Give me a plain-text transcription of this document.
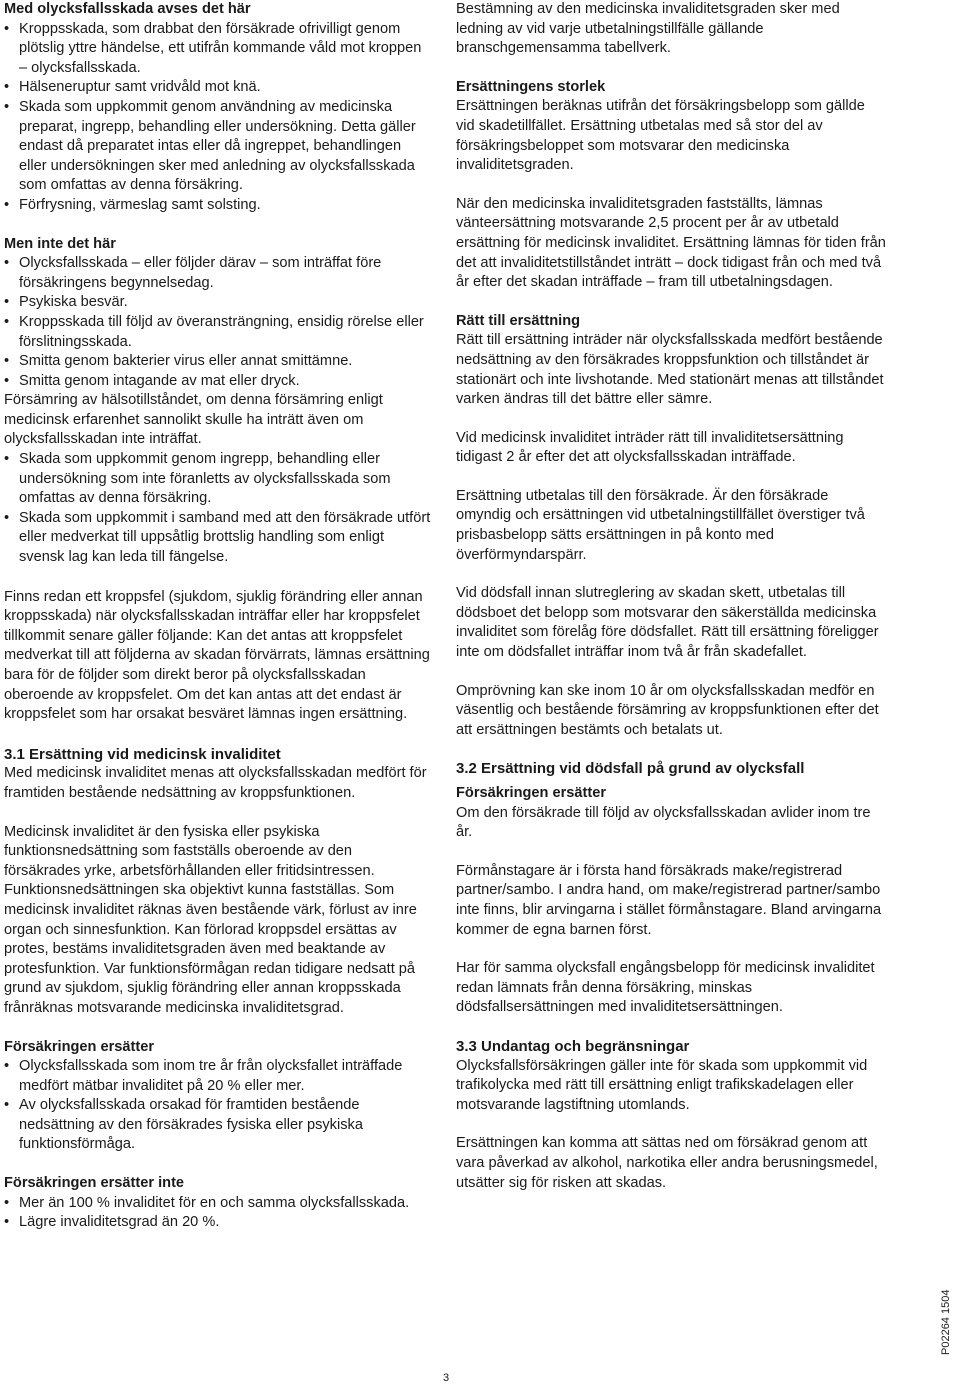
Med olycksfallsskada avses det här
• Kroppsskada, som drabbat den försäkrade ofrivilligt genom plötslig yttre händelse, ett utifrån kommande våld mot kroppen – olycksfallsskada.
• Hälseneruptur samt vridvåld mot knä.
• Skada som uppkommit genom användning av medicinska preparat, ingrepp, behandling eller undersökning. Detta gäller endast då preparatet intas eller då ingreppet, behandlingen eller undersökningen sker med anledning av olycksfallsskada som omfattas av denna försäkring.
• Förfrysning, värmeslag samt solsting.
Men inte det här
• Olycksfallsskada – eller följder därav – som inträffat före försäkringens begynnelsedag.
• Psykiska besvär.
• Kroppsskada till följd av överansträngning, ensidig rörelse eller förslitningsskada.
• Smitta genom bakterier virus eller annat smittämne.
• Smitta genom intagande av mat eller dryck.

Försämring av hälsotillståndet, om denna försämring enligt medicinsk erfarenhet sannolikt skulle ha inträtt även om olycksfallsskadan inte inträffat.

• Skada som uppkommit genom ingrepp, behandling eller undersökning som inte föranletts av olycksfallsskada som omfattas av denna försäkring.
• Skada som uppkommit i samband med att den försäkrade utfört eller medverkat till uppsåtlig brottslig handling som enligt svensk lag kan leda till fängelse.

Finns redan ett kroppsfel (sjukdom, sjuklig förändring eller annan kroppsskada) när olycksfallsskadan inträffar eller har kroppsfelet tillkommit senare gäller följande: Kan det antas att kroppsfelet medverkat till att följderna av skadan förvärrats, lämnas ersättning bara för de följder som direkt beror på olycksfallsskadan oberoende av kroppsfelet. Om det kan antas att det endast är kroppsfelet som har orsakat besväret lämnas ingen ersättning.

3.1 Ersättning vid medicinsk invaliditet

Med medicinsk invaliditet menas att olycksfallsskadan medfört för framtiden bestående nedsättning av kroppsfunktionen.

Medicinsk invaliditet är den fysiska eller psykiska funktionsnedsättning som fastställs oberoende av den försäkrades yrke, arbetsförhållanden eller fritidsintressen. Funktionsnedsättningen ska objektivt kunna fastställas. Som medicinsk invaliditet räknas även bestående värk, förlust av inre organ och sinnesfunktion. Kan förlorad kroppsdel ersättas av protes, bestäms invaliditetsgraden även med beaktande av protesfunktion. Var funktionsförmågan redan tidigare nedsatt på grund av sjukdom, sjuklig förändring eller annan kroppsskada frånräknas motsvarande medicinska invaliditetsgrad.

Försäkringen ersätter
• Olycksfallsskada som inom tre år från olycksfallet inträffade medfört mätbar invaliditet på 20 % eller mer.
• Av olycksfallsskada orsakad för framtiden bestående nedsättning av den försäkrades fysiska eller psykiska funktionsförmåga.
Försäkringen ersätter inte
• Mer än 100 % invaliditet för en och samma olycksfallsskada.
• Lägre invaliditetsgrad än 20 %.

Bestämning av den medicinska invaliditetsgraden sker med ledning av vid varje utbetalningstillfälle gällande branschgemensamma tabellverk.

Ersättningens storlek

Ersättningen beräknas utifrån det försäkringsbelopp som gällde vid skadetillfället. Ersättning utbetalas med så stor del av försäkringsbeloppet som motsvarar den medicinska invaliditetsgraden.

När den medicinska invaliditetsgraden fastställts, lämnas vänteersättning motsvarande 2,5 procent per år av utbetald ersättning för medicinsk invaliditet. Ersättning lämnas för tiden från det att invaliditetstillståndet inträtt – dock tidigast från och med två år efter det skadan inträffade – fram till utbetalningsdagen.

Rätt till ersättning

Rätt till ersättning inträder när olycksfallsskada medfört bestående nedsättning av den försäkrades kroppsfunktion och tillståndet är stationärt och inte livshotande. Med stationärt menas att tillståndet varken ändras till det bättre eller sämre.

Vid medicinsk invaliditet inträder rätt till invaliditetsersättning tidigast 2 år efter det att olycksfallsskadan inträffade.

Ersättning utbetalas till den försäkrade. Är den försäkrade omyndig och ersättningen vid utbetalningstillfället överstiger två prisbasbelopp sätts ersättningen in på konto med överförmyndarspärr.

Vid dödsfall innan slutreglering av skadan skett, utbetalas till dödsboet det belopp som motsvarar den säkerställda medicinska invaliditet som förelåg före dödsfallet. Rätt till ersättning föreligger inte om dödsfallet inträffar inom två år från skadefallet.

Omprövning kan ske inom 10 år om olycksfallsskadan medför en väsentlig och bestående försämring av kroppsfunktionen efter det att ersättningen bestämts och betalats ut.

3.2 Ersättning vid dödsfall på grund av olycksfall
Försäkringen ersätter

Om den försäkrade till följd av olycksfallsskadan avlider inom tre år.

Förmånstagare är i första hand försäkrads make/registrerad partner/sambo. I andra hand, om make/registrerad partner/sambo inte finns, blir arvingarna i stället förmånstagare. Bland arvingarna kommer de egna barnen först.

Har för samma olycksfall engångsbelopp för medicinsk invaliditet redan lämnats från denna försäkring, minskas dödsfallsersättningen med invaliditetsersättningen.

3.3 Undantag och begränsningar

Olycksfallsförsäkringen gäller inte för skada som uppkommit vid trafikolycka med rätt till ersättning enligt trafikskadelagen eller motsvarande lagstiftning utomlands.

Ersättningen kan komma att sättas ned om försäkrad genom att vara påverkad av alkohol, narkotika eller andra berusningsmedel, utsätter sig för risken att skadas.

3
P02264 1504
